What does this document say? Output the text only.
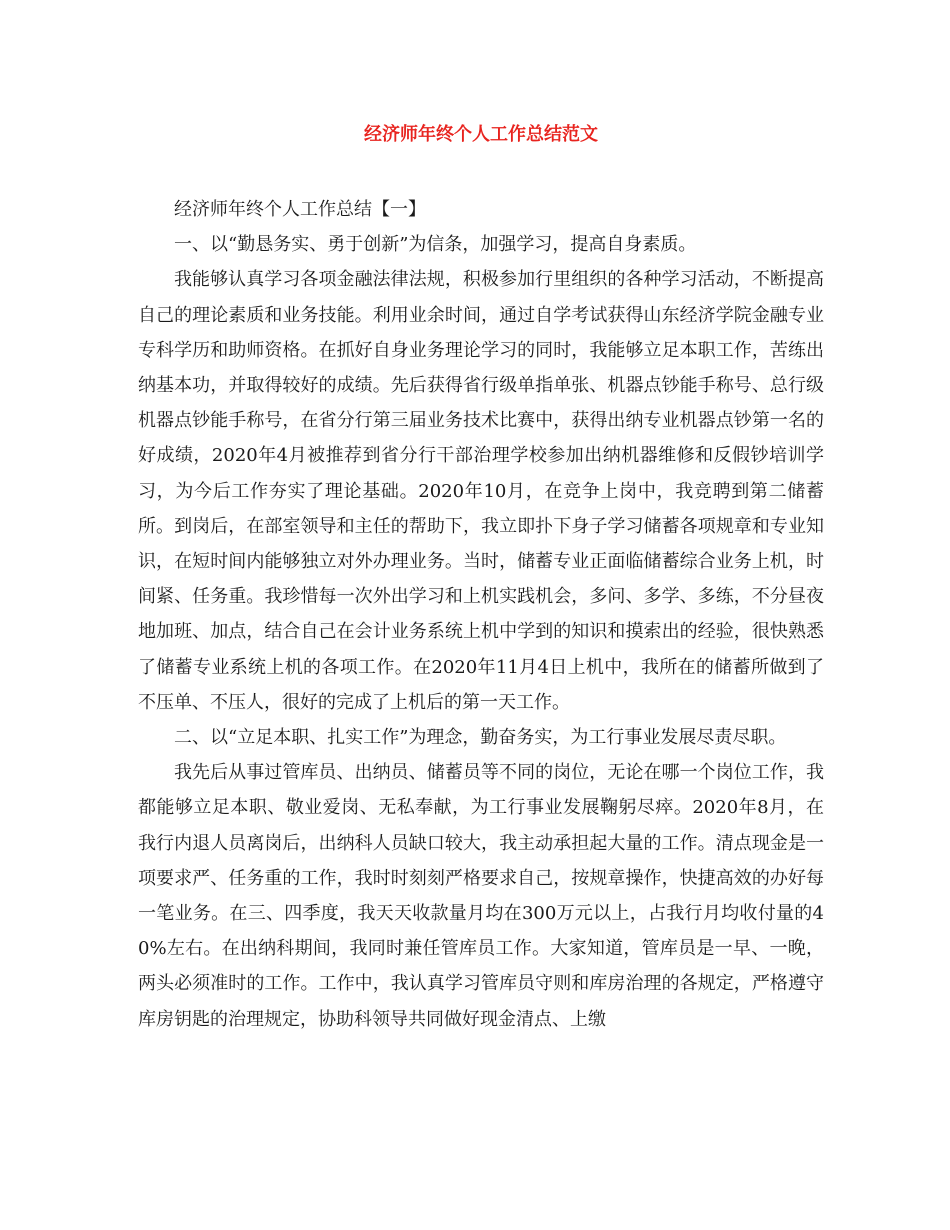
经济师年终个人工作总结范文

经济师年终个人工作总结【一】

一、以“勤恳务实、勇于创新”为信条，加强学习，提高自身素质。

我能够认真学习各项金融法律法规，积极参加行里组织的各种学习活动，不断提高自己的理论素质和业务技能。利用业余时间，通过自学考试获得山东经济学院金融专业专科学历和助师资格。在抓好自身业务理论学习的同时，我能够立足本职工作，苦练出纳基本功，并取得较好的成绩。先后获得省行级单指单张、机器点钞能手称号、总行级机器点钞能手称号，在省分行第三届业务技术比赛中，获得出纳专业机器点钞第一名的好成绩，2020年4月被推荐到省分行干部治理学校参加出纳机器维修和反假钞培训学习，为今后工作夯实了理论基础。2020年10月，在竞争上岗中，我竞聘到第二储蓄所。到岗后，在部室领导和主任的帮助下，我立即扑下身子学习储蓄各项规章和专业知识，在短时间内能够独立对外办理业务。当时，储蓄专业正面临储蓄综合业务上机，时间紧、任务重。我珍惜每一次外出学习和上机实践机会，多问、多学、多练，不分昼夜地加班、加点，结合自己在会计业务系统上机中学到的知识和摸索出的经验，很快熟悉了储蓄专业系统上机的各项工作。在2020年11月4日上机中，我所在的储蓄所做到了不压单、不压人，很好的完成了上机后的第一天工作。

二、以“立足本职、扎实工作”为理念，勤奋务实，为工行事业发展尽责尽职。

我先后从事过管库员、出纳员、储蓄员等不同的岗位，无论在哪一个岗位工作，我都能够立足本职、敬业爱岗、无私奉献，为工行事业发展鞠躬尽瘁。2020年8月，在我行内退人员离岗后，出纳科人员缺口较大，我主动承担起大量的工作。清点现金是一项要求严、任务重的工作，我时时刻刻严格要求自己，按规章操作，快捷高效的办好每一笔业务。在三、四季度，我天天收款量月均在300万元以上，占我行月均收付量的40%左右。在出纳科期间，我同时兼任管库员工作。大家知道，管库员是一早、一晚，两头必须准时的工作。工作中，我认真学习管库员守则和库房治理的各规定，严格遵守库房钥匙的治理规定，协助科领导共同做好现金清点、上缴
